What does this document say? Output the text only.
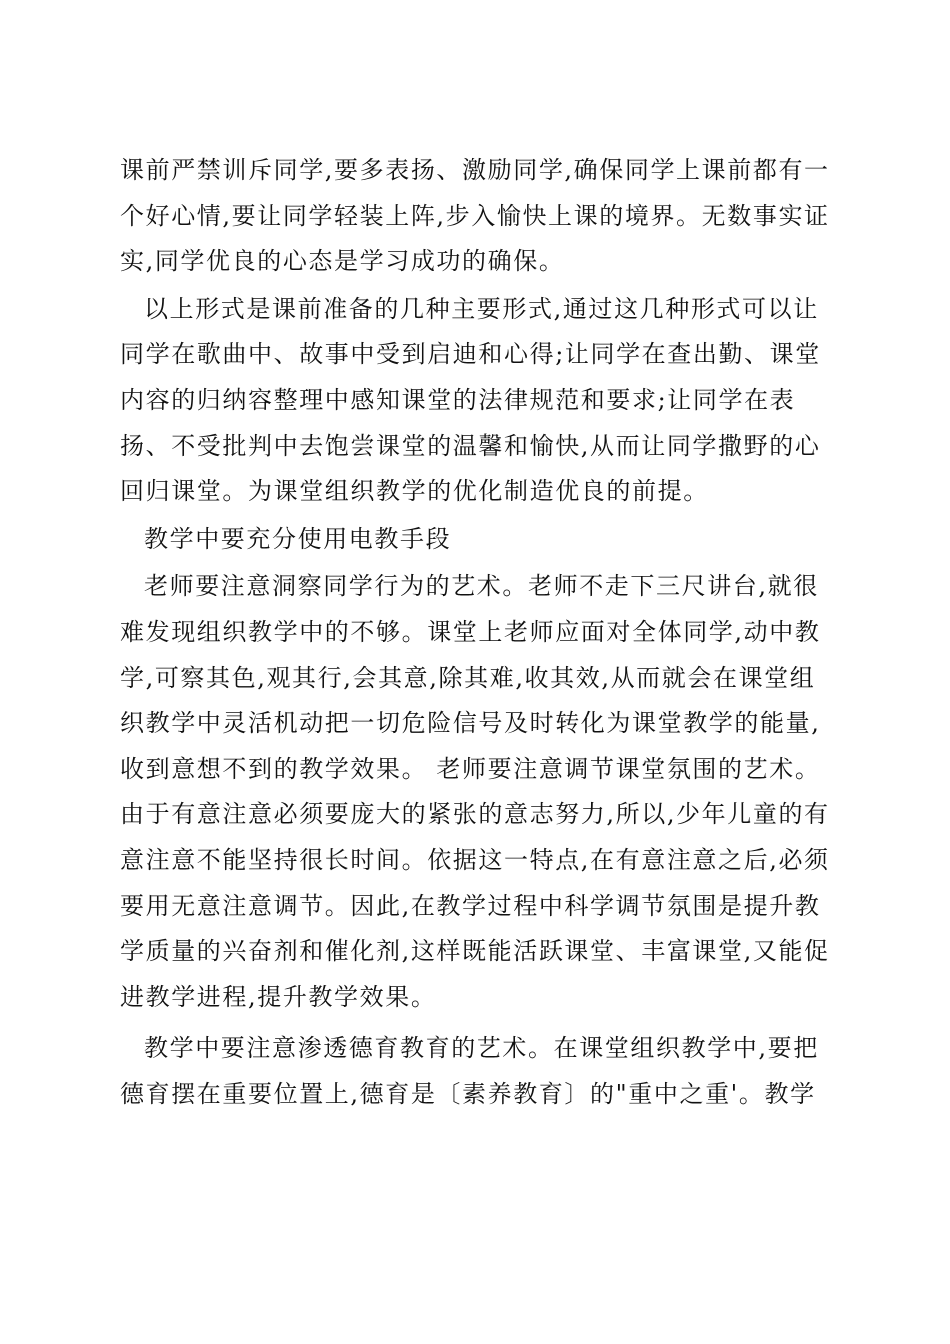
课前严禁训斥同学,要多表扬、激励同学,确保同学上课前都有一个好心情,要让同学轻装上阵,步入愉快上课的境界。无数事实证实,同学优良的心态是学习成功的确保。

以上形式是课前准备的几种主要形式,通过这几种形式可以让同学在歌曲中、故事中受到启迪和心得;让同学在查出勤、课堂内容的归纳容整理中感知课堂的法律规范和要求;让同学在表扬、不受批判中去饱尝课堂的温馨和愉快,从而让同学撒野的心回归课堂。为课堂组织教学的优化制造优良的前提。

教学中要充分使用电教手段

老师要注意洞察同学行为的艺术。老师不走下三尺讲台,就很难发现组织教学中的不够。课堂上老师应面对全体同学,动中教学,可察其色,观其行,会其意,除其难,收其效,从而就会在课堂组织教学中灵活机动把一切危险信号及时转化为课堂教学的能量,收到意想不到的教学效果。 老师要注意调节课堂氛围的艺术。由于有意注意必须要庞大的紧张的意志努力,所以,少年儿童的有意注意不能坚持很长时间。依据这一特点,在有意注意之后,必须要用无意注意调节。因此,在教学过程中科学调节氛围是提升教学质量的兴奋剂和催化剂,这样既能活跃课堂、丰富课堂,又能促进教学进程,提升教学效果。

教学中要注意渗透德育教育的艺术。在课堂组织教学中,要把德育摆在重要位置上,德育是〔素养教育〕的"重中之重'。教学
